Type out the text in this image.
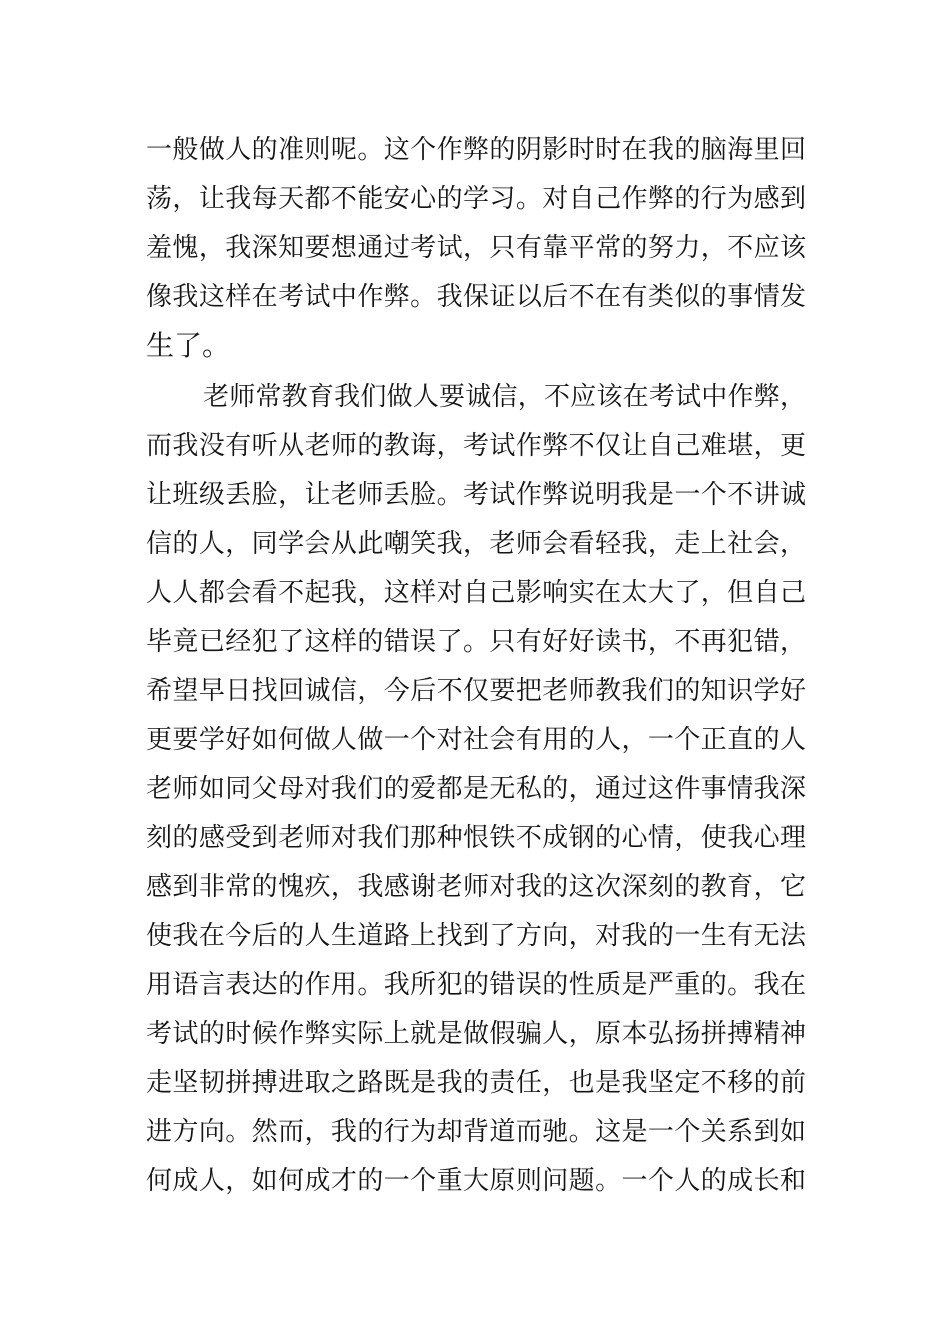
一般做人的准则呢。这个作弊的阴影时时在我的脑海里回

荡，让我每天都不能安心的学习。对自己作弊的行为感到

羞愧，我深知要想通过考试，只有靠平常的努力，不应该

像我这样在考试中作弊。我保证以后不在有类似的事情发

生了。

老师常教育我们做人要诚信，不应该在考试中作弊，

而我没有听从老师的教诲，考试作弊不仅让自己难堪，更

让班级丢脸，让老师丢脸。考试作弊说明我是一个不讲诚

信的人，同学会从此嘲笑我，老师会看轻我，走上社会，

人人都会看不起我，这样对自己影响实在太大了，但自己

毕竟已经犯了这样的错误了。只有好好读书，不再犯错，

希望早日找回诚信，今后不仅要把老师教我们的知识学好

更要学好如何做人做一个对社会有用的人，一个正直的人

老师如同父母对我们的爱都是无私的，通过这件事情我深

刻的感受到老师对我们那种恨铁不成钢的心情，使我心理

感到非常的愧疚，我感谢老师对我的这次深刻的教育，它

使我在今后的人生道路上找到了方向，对我的一生有无法

用语言表达的作用。我所犯的错误的性质是严重的。我在

考试的时候作弊实际上就是做假骗人，原本弘扬拼搏精神

走坚韧拼搏进取之路既是我的责任，也是我坚定不移的前

进方向。然而，我的行为却背道而驰。这是一个关系到如

何成人，如何成才的一个重大原则问题。一个人的成长和
